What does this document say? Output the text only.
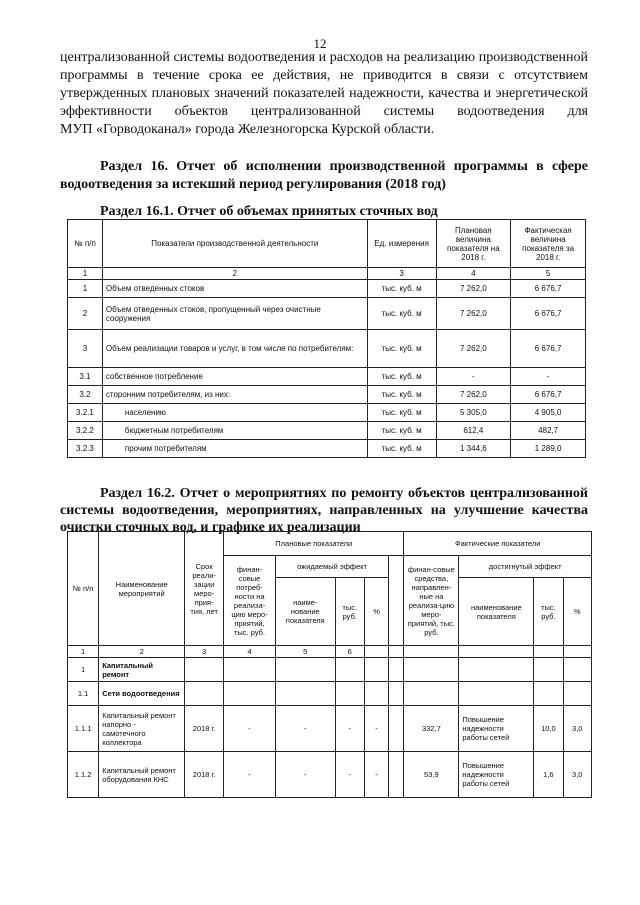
12
централизованной системы водоотведения и расходов на реализацию производственной
программы в течение срока ее действия, не приводится в связи с отсутствием
утвержденных плановых значений показателей надежности, качества и энергетической
эффективности объектов централизованной системы водоотведения для
МУП «Горводоканал» города Железногорска Курской области.
Раздел 16. Отчет об исполнении производственной программы в сфере
водоотведения за истекший период регулирования (2018 год)
Раздел 16.1. Отчет об объемах принятых сточных вод
№ п/п	Показатели производственной деятельности	Ед. измерения	Плановая величина показателя на 2018 г.	Фактическая величина показателя за 2018 г.
1	2	3	4	5
1	Объем отведенных стоков	тыс. куб. м	7 262,0	6 676,7
2	Объем отведенных стоков, пропущенный через очистные сооружения	тыс. куб. м	7 262,0	6 676,7
3	Объем реализации товаров и услуг, в том числе по потребителям:	тыс. куб. м	7 262,0	6 676,7
3.1	собственное потребление	тыс. куб. м	-	-
3.2	сторонним потребителям, из них:	тыс. куб. м	7 262,0	6 676,7
3.2.1	населению	тыс. куб. м	5 305,0	4 905,0
3.2.2	бюджетным потребителям	тыс. куб. м	612,4	482,7
3.2.3	прочим потребителям	тыс. куб. м	1 344,6	1 289,0
Раздел 16.2. Отчет о мероприятиях по ремонту объектов централизованной
системы водоотведения, мероприятиях, направленных на улучшение качества
очистки сточных вод, и графике их реализации
№ п/п	Наименование мероприятий	Срок реали-зации меро-прия-тия, лет	Плановые показатели					Фактические показатели			
			финан-совые потреб-ности на реализа-цию меро-приятий, тыс. руб.	ожидаемый эффект				финан-совые средства, направлен-ные на реализа-цию меро-приятий, тыс. руб.	достигнутый эффект		
				наиме-нование показателя	тыс. руб.	%			наименование показателя	тыс. руб.	%
1	2	3	4	5	6						
1	Капитальный ремонт										
1.1	Сети водоотведения										
1.1.1	Капитальный ремонт напорно - самотечного коллектора	2018 г.	-	-	-	-		332,7	Повышение надежности работы сетей	10,0	3,0
1.1.2	Капитальный ремонт оборудования КНС	2018 г.	-	-	-	-		53,9	Повышение надежности работы сетей	1,6	3,0
